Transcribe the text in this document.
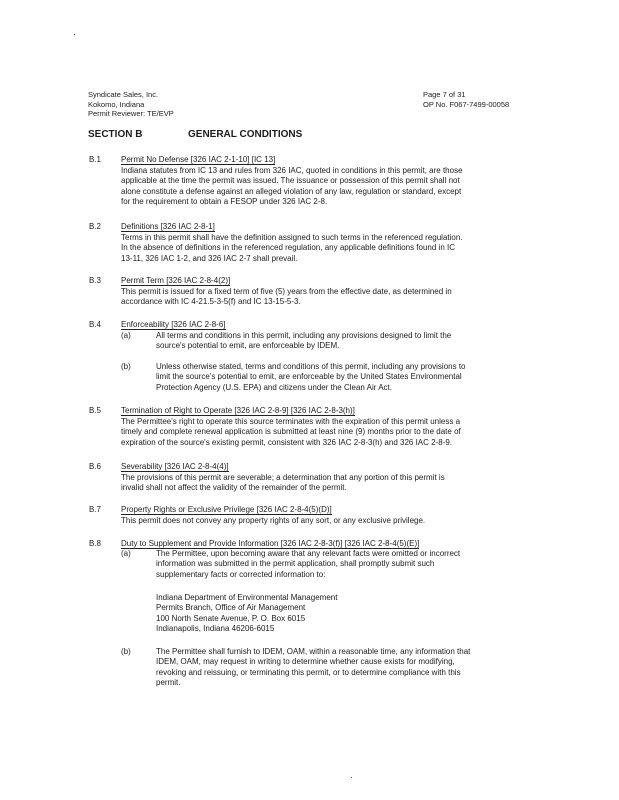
Syndicate Sales, Inc.
Kokomo, Indiana
Permit Reviewer: TE/EVP
Page 7 of 31
OP No. F067-7499-00058
SECTION B	GENERAL CONDITIONS
B.1 Permit No Defense [326 IAC 2-1-10] [IC 13]
Indiana statutes from IC 13 and rules from 326 IAC, quoted in conditions in this permit, are those
applicable at the time the permit was issued. The issuance or possession of this permit shall not
alone constitute a defense against an alleged violation of any law, regulation or standard, except
for the requirement to obtain a FESOP under 326 IAC 2-8.
B.2 Definitions [326 IAC 2-8-1]
Terms in this permit shall have the definition assigned to such terms in the referenced regulation.
In the absence of definitions in the referenced regulation, any applicable definitions found in IC
13-11, 326 IAC 1-2, and 326 IAC 2-7 shall prevail.
B.3 Permit Term [326 IAC 2-8-4(2)]
This permit is issued for a fixed term of five (5) years from the effective date, as determined in
accordance with IC 4-21.5-3-5(f) and IC 13-15-5-3.
B.4 Enforceability [326 IAC 2-8-6]
(a)	All terms and conditions in this permit, including any provisions designed to limit the
source's potential to emit, are enforceable by IDEM.
(b)	Unless otherwise stated, terms and conditions of this permit, including any provisions to
limit the source's potential to emit, are enforceable by the United States Environmental
Protection Agency (U.S. EPA) and citizens under the Clean Air Act.
B.5 Termination of Right to Operate [326 IAC 2-8-9] [326 IAC 2-8-3(h)]
The Permittee's right to operate this source terminates with the expiration of this permit unless a
timely and complete renewal application is submitted at least nine (9) months prior to the date of
expiration of the source's existing permit, consistent with 326 IAC 2-8-3(h) and 326 IAC 2-8-9.
B.6 Severability [326 IAC 2-8-4(4)]
The provisions of this permit are severable; a determination that any portion of this permit is
invalid shall not affect the validity of the remainder of the permit.
B.7 Property Rights or Exclusive Privilege [326 IAC 2-8-4(5)(D)]
This permit does not convey any property rights of any sort, or any exclusive privilege.
B.8 Duty to Supplement and Provide Information [326 IAC 2-8-3(f)] [326 IAC 2-8-4(5)(E)]
(a)	The Permittee, upon becoming aware that any relevant facts were omitted or incorrect
information was submitted in the permit application, shall promptly submit such
supplementary facts or corrected information to:
Indiana Department of Environmental Management
Permits Branch, Office of Air Management
100 North Senate Avenue, P. O. Box 6015
Indianapolis, Indiana 46206-6015
(b)	The Permittee shall furnish to IDEM, OAM, within a reasonable time, any information that
IDEM, OAM, may request in writing to determine whether cause exists for modifying,
revoking and reissuing, or terminating this permit, or to determine compliance with this
permit.
